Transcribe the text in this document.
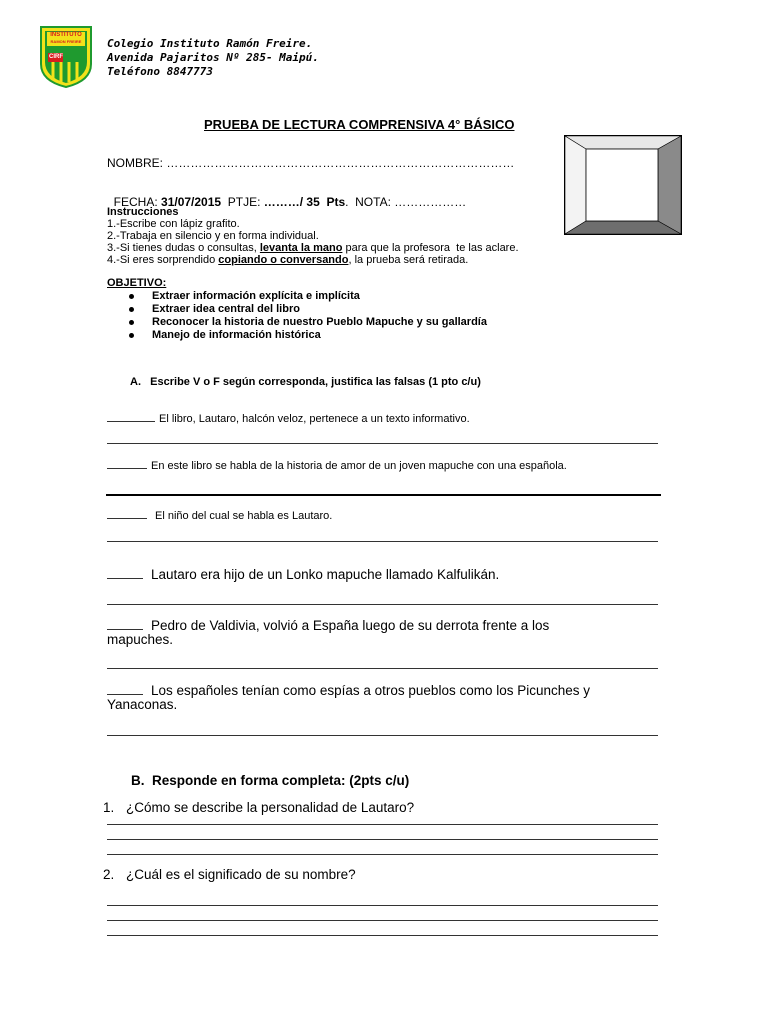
INSTITUTO
RAMON FREIRE
CIRF
Colegio Instituto Ramón Freire.
Avenida Pajaritos Nº 285- Maipú.
Teléfono 8847773
PRUEBA DE LECTURA COMPRENSIVA 4° BÁSICO
NOMBRE: ……………………………………………………………………………

FECHA: 31/07/2015  PTJE: ………/ 35 Pts.  NOTA: ………………

Instrucciones
1.-Escribe con lápiz grafito.
2.-Trabaja en silencio y en forma individual.
3.-Si tienes dudas o consultas, levanta la mano para que la profesora  te las aclare.
4.-Si eres sorprendido copiando o conversando, la prueba será retirada.
OBJETIVO:
Extraer información explícita e implícita
Extraer idea central del libro
Reconocer la historia de nuestro Pueblo Mapuche y su gallardía
Manejo de información histórica
A.   Escribe V o F según corresponda, justifica las falsas (1 pto c/u)
El libro, Lautaro, halcón veloz, pertenece a un texto informativo.
En este libro se habla de la historia de amor de un joven mapuche con una española.
El niño del cual se habla es Lautaro.
Lautaro era hijo de un Lonko mapuche llamado Kalfulikán.
Pedro de Valdivia, volvió a España luego de su derrota frente a los
mapuches.
Los españoles tenían como espías a otros pueblos como los Picunches y
Yanaconas.
B.  Responde en forma completa: (2pts c/u)
1. ¿Cómo se describe la personalidad de Lautaro?
2. ¿Cuál es el significado de su nombre?
